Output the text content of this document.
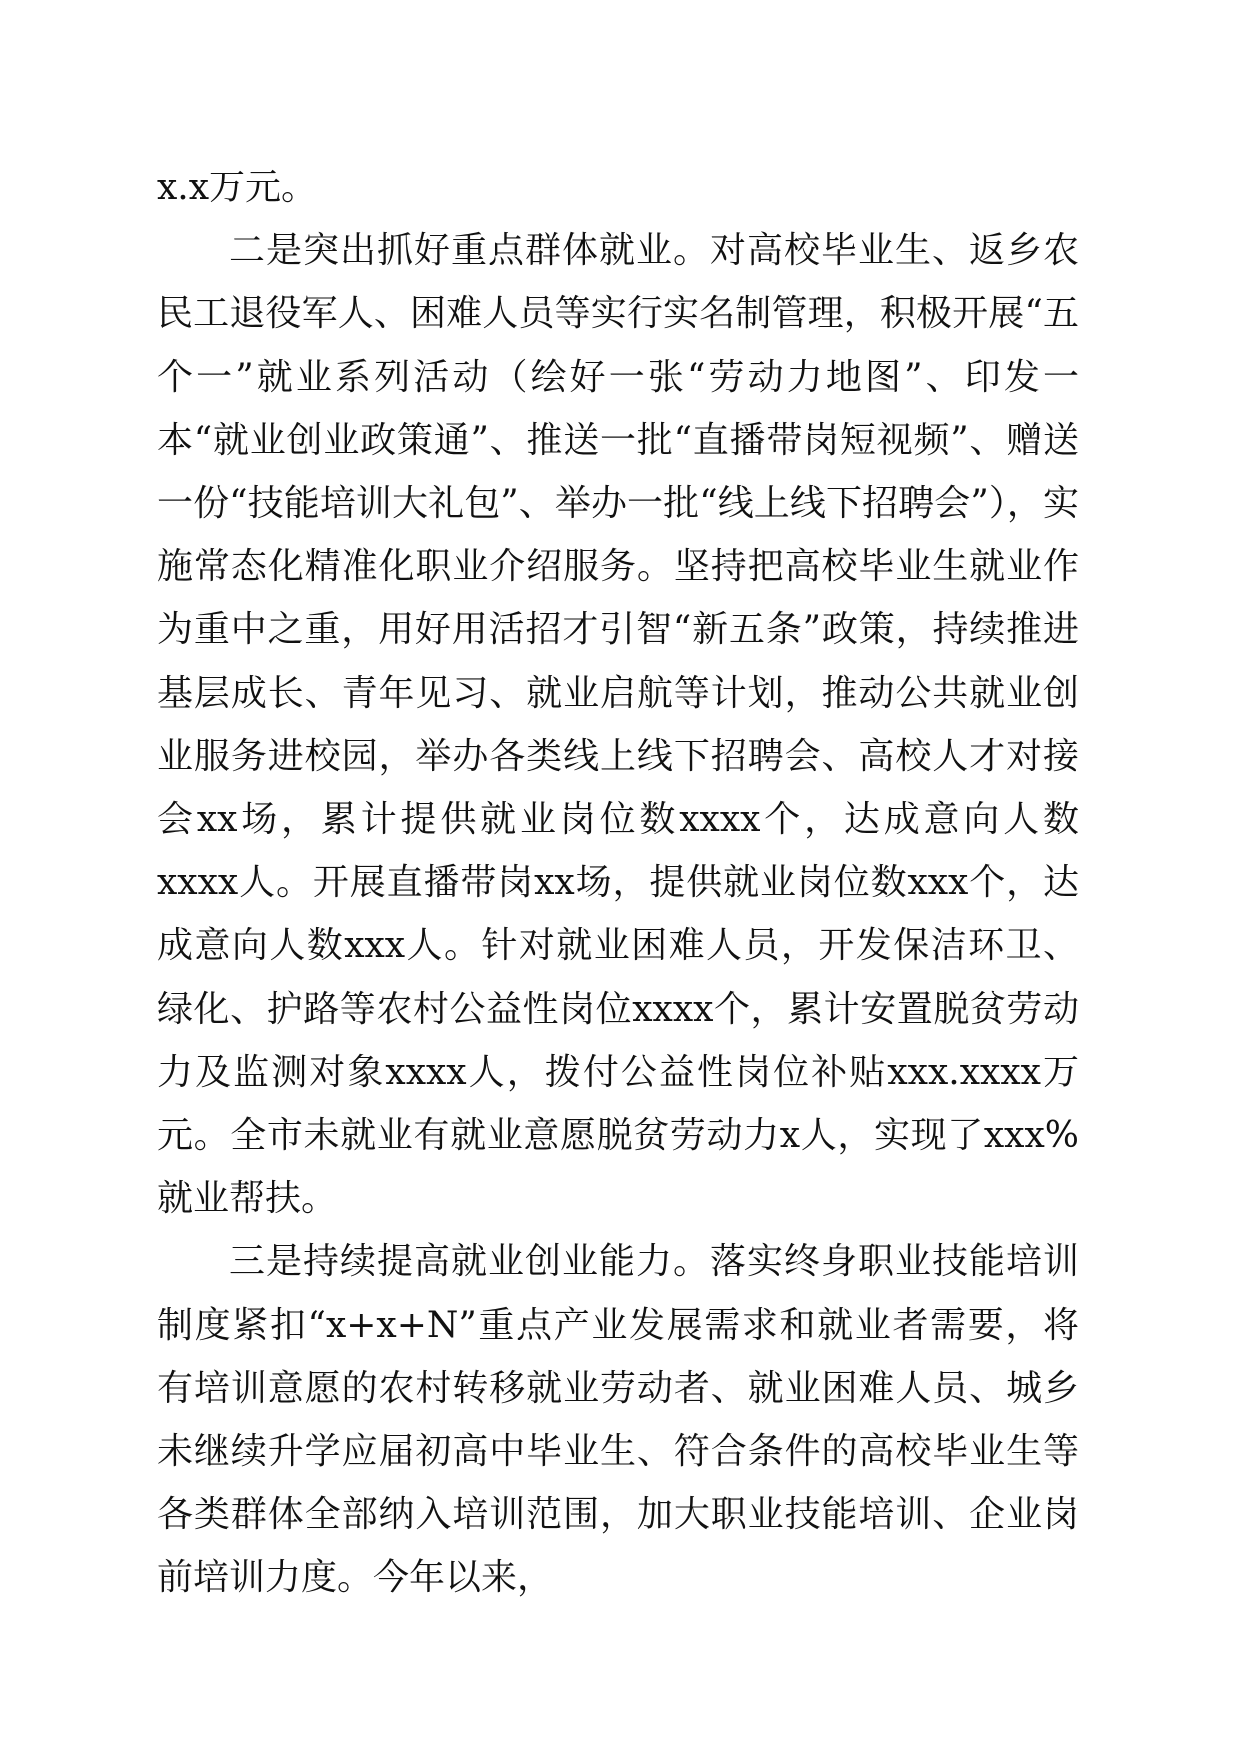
x.x万元。

二是突出抓好重点群体就业。对高校毕业生、返乡农民工退役军人、困难人员等实行实名制管理，积极开展“五个一”就业系列活动（绘好一张“劳动力地图”、印发一本“就业创业政策通”、推送一批“直播带岗短视频”、赠送一份“技能培训大礼包”、举办一批“线上线下招聘会”），实施常态化精准化职业介绍服务。坚持把高校毕业生就业作为重中之重，用好用活招才引智“新五条”政策，持续推进基层成长、青年见习、就业启航等计划，推动公共就业创业服务进校园，举办各类线上线下招聘会、高校人才对接会xx场，累计提供就业岗位数xxxx个，达成意向人数xxxx人。开展直播带岗xx场，提供就业岗位数xxx个，达成意向人数xxx人。针对就业困难人员，开发保洁环卫、绿化、护路等农村公益性岗位xxxx个，累计安置脱贫劳动力及监测对象xxxx人，拨付公益性岗位补贴xxx.xxxx万元。全市未就业有就业意愿脱贫劳动力x人，实现了xxx%就业帮扶。

三是持续提高就业创业能力。落实终身职业技能培训制度紧扣“x+x+N”重点产业发展需求和就业者需要，将有培训意愿的农村转移就业劳动者、就业困难人员、城乡未继续升学应届初高中毕业生、符合条件的高校毕业生等各类群体全部纳入培训范围，加大职业技能培训、企业岗前培训力度。今年以来，
